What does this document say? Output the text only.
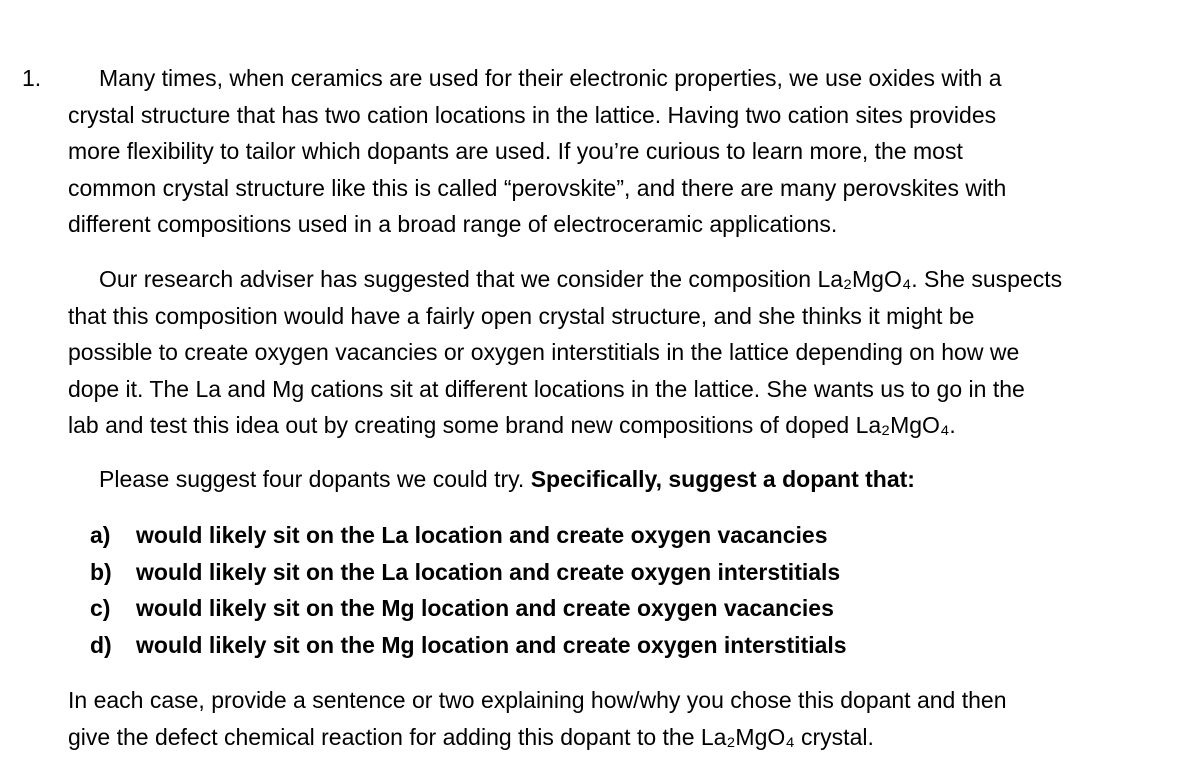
1.	Many times, when ceramics are used for their electronic properties, we use oxides with a
crystal structure that has two cation locations in the lattice. Having two cation sites provides
more flexibility to tailor which dopants are used. If you’re curious to learn more, the most
common crystal structure like this is called “perovskite”, and there are many perovskites with
different compositions used in a broad range of electroceramic applications.

Our research adviser has suggested that we consider the composition La₂MgO₄. She suspects
that this composition would have a fairly open crystal structure, and she thinks it might be
possible to create oxygen vacancies or oxygen interstitials in the lattice depending on how we
dope it. The La and Mg cations sit at different locations in the lattice. She wants us to go in the
lab and test this idea out by creating some brand new compositions of doped La₂MgO₄.

Please suggest four dopants we could try. Specifically, suggest a dopant that:

a) would likely sit on the La location and create oxygen vacancies
b) would likely sit on the La location and create oxygen interstitials
c) would likely sit on the Mg location and create oxygen vacancies
d) would likely sit on the Mg location and create oxygen interstitials

In each case, provide a sentence or two explaining how/why you chose this dopant and then
give the defect chemical reaction for adding this dopant to the La₂MgO₄ crystal.
